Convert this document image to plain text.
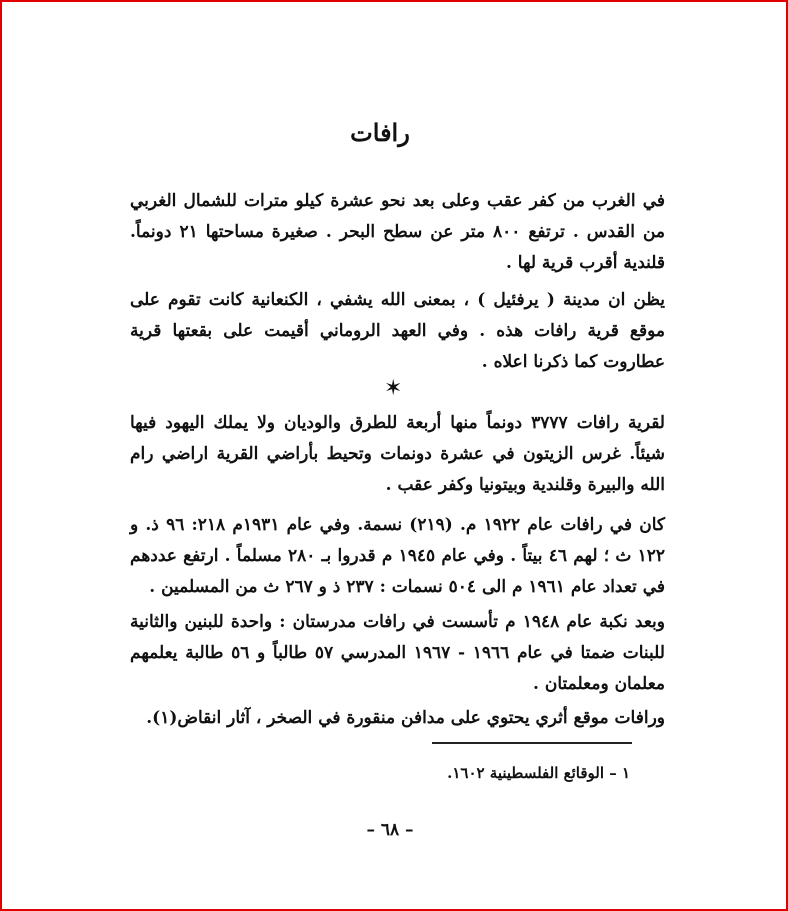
رافات
في الغرب من كفر عقب وعلى بعد نحو عشرة كيلو مترات للشمال الغربي من القدس . ترتفع ٨٠٠ متر عن سطح البحر . صغيرة مساحتها ٢١ دونماً. قلندية أقرب قرية لها .
يظن ان مدينة ( يرفئيل ) ، بمعنى الله يشفي ، الكنعانية كانت تقوم على موقع قرية رافات هذه . وفي العهد الروماني أقيمت على بقعتها قرية عطاروت كما ذكرنا اعلاه .
✶
لقرية رافات ٣٧٧٧ دونماً منها أربعة للطرق والوديان ولا يملك اليهود فيها شيئاً. غرس الزيتون في عشرة دونمات وتحيط بأراضي القرية اراضي رام الله والبيرة وقلندية وبيتونيا وكفر عقب .
كان في رافات عام ١٩٢٢ م. (٢١٩) نسمة. وفي عام ١٩٣١م ٢١٨: ٩٦ ذ. و ١٢٢ ث ؛ لهم ٤٦ بيتاً . وفي عام ١٩٤٥ م قدروا بـ ٢٨٠ مسلماً . ارتفع عددهم في تعداد عام ١٩٦١ م الى ٥٠٤ نسمات : ٢٣٧ ذ و ٢٦٧ ث من المسلمين .
وبعد نكبة عام ١٩٤٨ م تأسست في رافات مدرستان : واحدة للبنين والثانية للبنات ضمتا في عام ١٩٦٦ - ١٩٦٧ المدرسي ٥٧ طالباً و ٥٦ طالبة يعلمهم معلمان ومعلمتان .
ورافات موقع أثري يحتوي على مدافن منقورة في الصخر ، آثار انقاض(١).
١ – الوقائع الفلسطينية ١٦٠٢.
– ٦٨ –
